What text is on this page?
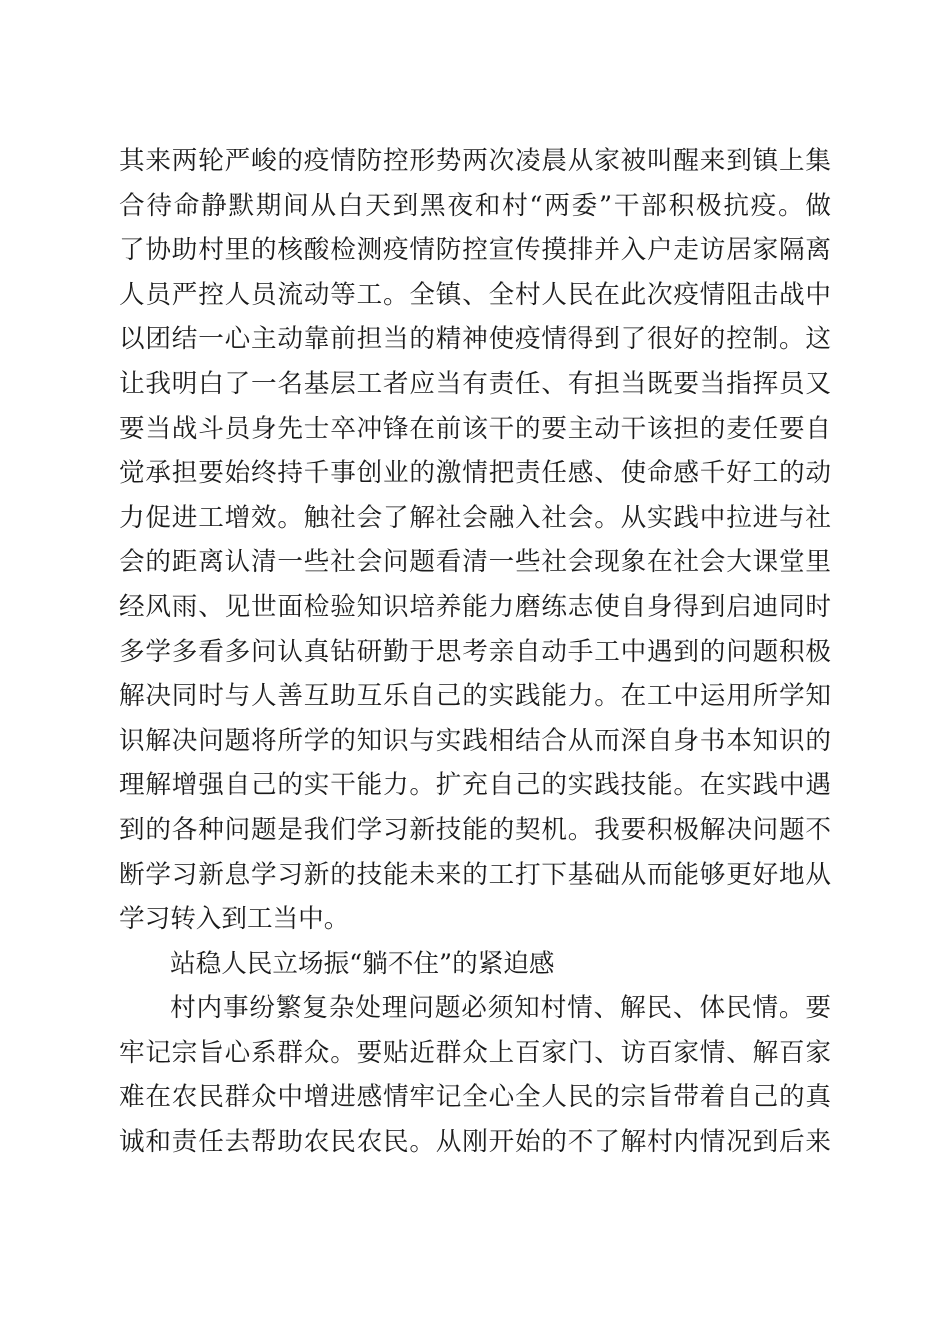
其来两轮严峻的疫情防控形势两次凌晨从家被叫醒来到镇上集
合待命静默期间从白天到黑夜和村“两委”干部积极抗疫。做
了协助村里的核酸检测疫情防控宣传摸排并入户走访居家隔离
人员严控人员流动等工。全镇、全村人民在此次疫情阻击战中
以团结一心主动靠前担当的精神使疫情得到了很好的控制。这
让我明白了一名基层工者应当有责任、有担当既要当指挥员又
要当战斗员身先士卒冲锋在前该干的要主动干该担的麦任要自
觉承担要始终持千事创业的激情把责任感、使命感千好工的动
力促进工增效。触社会了解社会融入社会。从实践中拉进与社
会的距离认清一些社会问题看清一些社会现象在社会大课堂里
经风雨、见世面检验知识培养能力磨练志使自身得到启迪同时
多学多看多问认真钻研勤于思考亲自动手工中遇到的问题积极
解决同时与人善互助互乐自己的实践能力。在工中运用所学知
识解决问题将所学的知识与实践相结合从而深自身书本知识的
理解增强自己的实干能力。扩充自己的实践技能。在实践中遇
到的各种问题是我们学习新技能的契机。我要积极解决问题不
断学习新息学习新的技能未来的工打下基础从而能够更好地从
学习转入到工当中。
站稳人民立场振“躺不住”的紧迫感
村内事纷繁复杂处理问题必须知村情、解民、体民情。要
牢记宗旨心系群众。要贴近群众上百家门、访百家情、解百家
难在农民群众中增进感情牢记全心全人民的宗旨带着自己的真
诚和责任去帮助农民农民。从刚开始的不了解村内情况到后来
